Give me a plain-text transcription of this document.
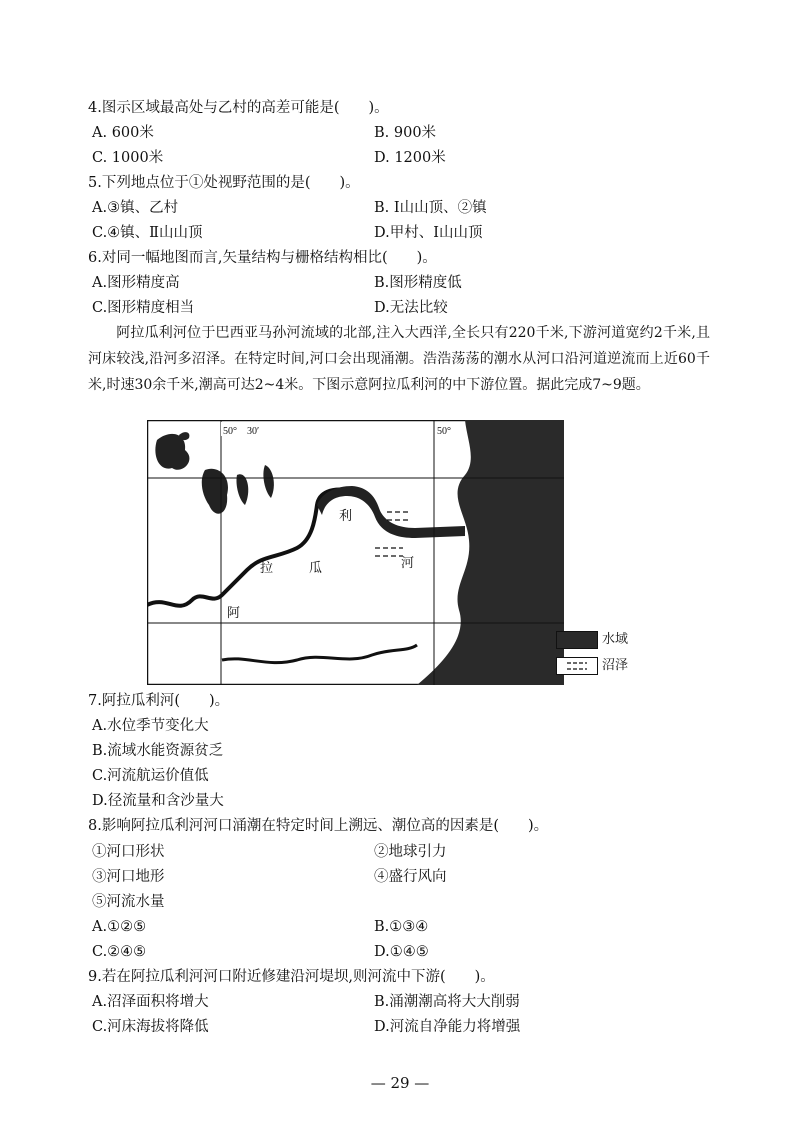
4.图示区域最高处与乙村的高差可能是(　　)。
A. 600米	B. 900米
C. 1000米	D. 1200米
5.下列地点位于①处视野范围的是(　　)。
A.③镇、乙村	B. Ⅰ山山顶、②镇
C.④镇、Ⅱ山山顶	D.甲村、Ⅰ山山顶
6.对同一幅地图而言,矢量结构与栅格结构相比(　　)。
A.图形精度高	B.图形精度低
C.图形精度相当	D.无法比较
阿拉瓜利河位于巴西亚马孙河流域的北部,注入大西洋,全长只有220千米,下游河道宽约2千米,且河床较浅,沿河多沼泽。在特定时间,河口会出现涌潮。浩浩荡荡的潮水从河口沿河道逆流而上近60千米,时速30余千米,潮高可达2~4米。下图示意阿拉瓜利河的中下游位置。据此完成7~9题。
50°　30′	50°
阿
拉	瓜
利
河
水域
沼泽
7.阿拉瓜利河(　　)。
A.水位季节变化大
B.流域水能资源贫乏
C.河流航运价值低
D.径流量和含沙量大
8.影响阿拉瓜利河河口涌潮在特定时间上溯远、潮位高的因素是(　　)。
①河口形状	②地球引力
③河口地形	④盛行风向
⑤河流水量
A.①②⑤	B.①③④
C.②④⑤	D.①④⑤
9.若在阿拉瓜利河河口附近修建沿河堤坝,则河流中下游(　　)。
A.沼泽面积将增大	B.涌潮潮高将大大削弱
C.河床海拔将降低	D.河流自净能力将增强
— 29 —
